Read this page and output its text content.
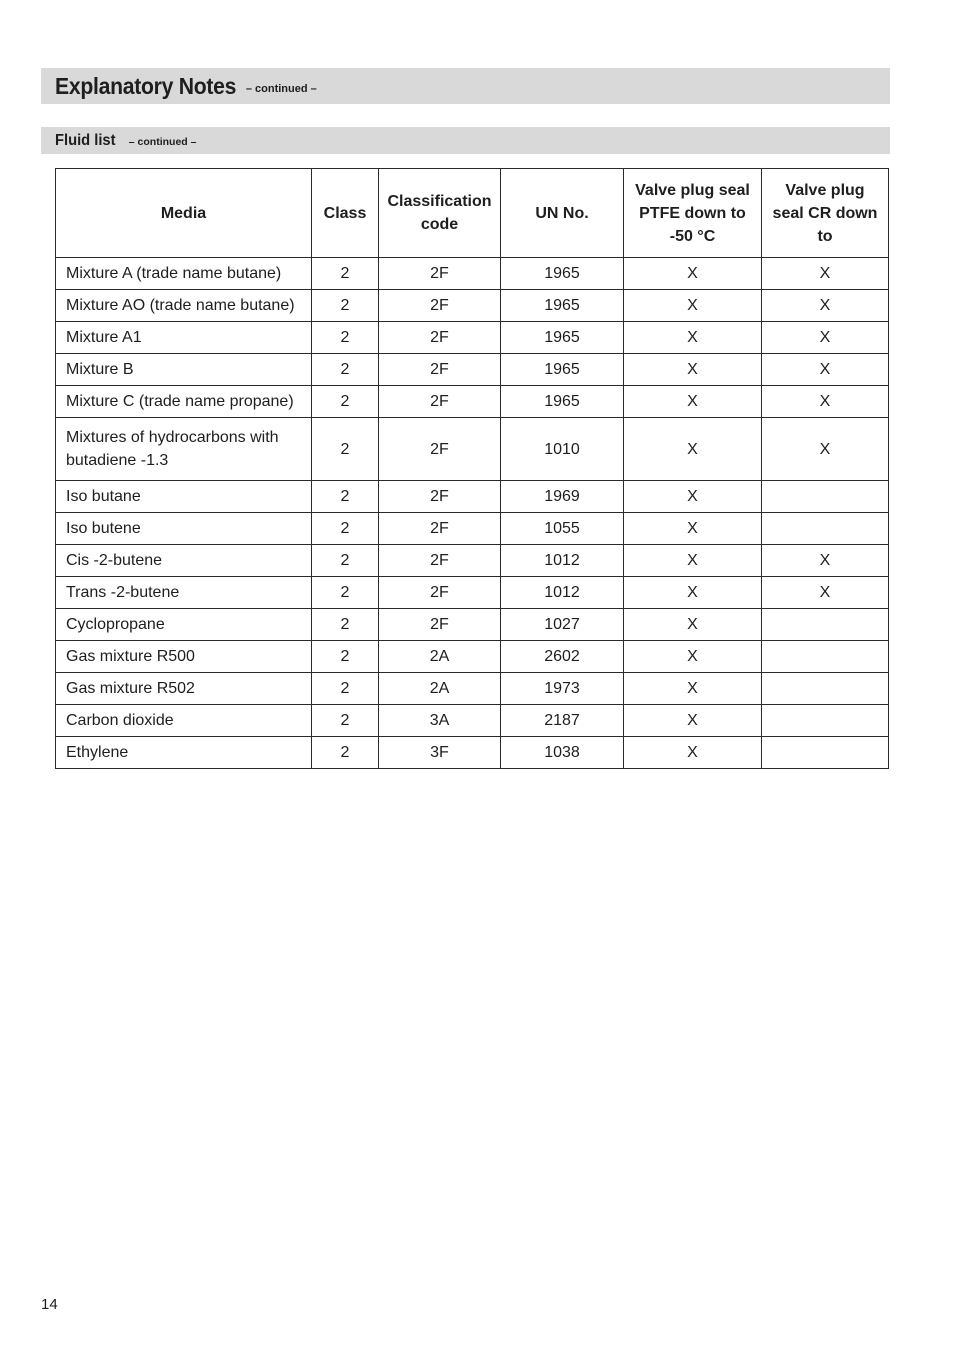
Explanatory Notes – continued –
Fluid list – continued –
Media	Class	Classification code	UN No.	Valve plug seal PTFE down to -50 °C	Valve plug seal CR down to
Mixture A (trade name butane)	2	2F	1965	X	X
Mixture AO (trade name butane)	2	2F	1965	X	X
Mixture A1	2	2F	1965	X	X
Mixture B	2	2F	1965	X	X
Mixture C (trade name propane)	2	2F	1965	X	X
Mixtures of hydrocarbons with butadiene -1.3	2	2F	1010	X	X
Iso butane	2	2F	1969	X	
Iso butene	2	2F	1055	X	
Cis -2-butene	2	2F	1012	X	X
Trans -2-butene	2	2F	1012	X	X
Cyclopropane	2	2F	1027	X	
Gas mixture R500	2	2A	2602	X	
Gas mixture R502	2	2A	1973	X	
Carbon dioxide	2	3A	2187	X	
Ethylene	2	3F	1038	X	
14
